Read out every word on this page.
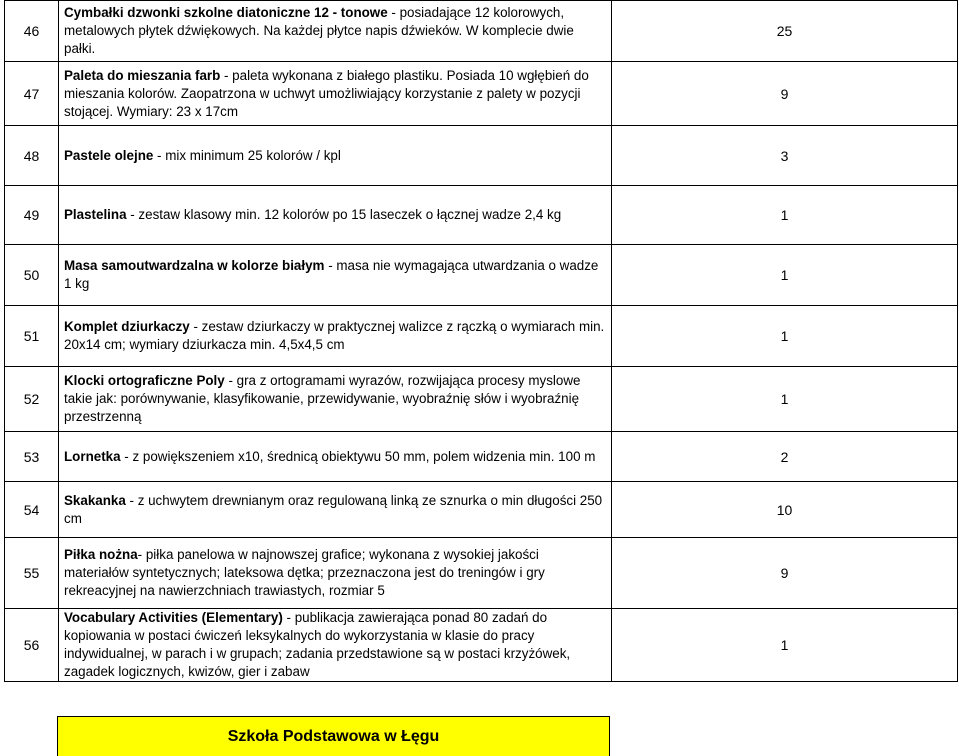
46	Cymbałki dzwonki szkolne diatoniczne 12 - tonowe - posiadające 12 kolorowych, metalowych płytek dźwiękowych. Na każdej płytce napis dźwieków. W komplecie dwie pałki.	25
47	Paleta do mieszania farb - paleta wykonana z białego plastiku. Posiada 10 wgłębień do mieszania kolorów. Zaopatrzona w uchwyt umożliwiający korzystanie z palety w pozycji stojącej. Wymiary: 23 x 17cm	9
48	Pastele olejne - mix minimum 25 kolorów / kpl	3
49	Plastelina - zestaw klasowy min. 12 kolorów po 15 laseczek o łącznej wadze 2,4 kg	1
50	Masa samoutwardzalna w kolorze białym - masa nie wymagająca utwardzania o wadze 1 kg	1
51	Komplet dziurkaczy - zestaw dziurkaczy w praktycznej walizce z rączką o wymiarach min. 20x14 cm; wymiary dziurkacza min. 4,5x4,5 cm	1
52	Klocki ortograficzne Poly - gra z ortogramami wyrazów, rozwijająca procesy myslowe takie jak: porównywanie, klasyfikowanie, przewidywanie, wyobraźnię słów i wyobraźnię przestrzenną	1
53	Lornetka - z powiększeniem x10, średnicą obiektywu 50 mm, polem widzenia min. 100 m	2
54	Skakanka - z uchwytem drewnianym oraz regulowaną linką ze sznurka o min długości 250 cm	10
55	Piłka nożna- piłka panelowa w najnowszej grafice; wykonana z wysokiej jakości materiałów syntetycznych; lateksowa dętka; przeznaczona jest do treningów i gry rekreacyjnej na nawierzchniach trawiastych, rozmiar 5	9
56	Vocabulary Activities (Elementary) - publikacja zawierająca ponad 80 zadań do kopiowania w postaci ćwiczeń leksykalnych do wykorzystania w klasie do pracy indywidualnej, w parach i w grupach; zadania przedstawione są w postaci krzyżówek, zagadek logicznych, kwizów, gier i zabaw	1
Szkoła Podstawowa w Łęgu
